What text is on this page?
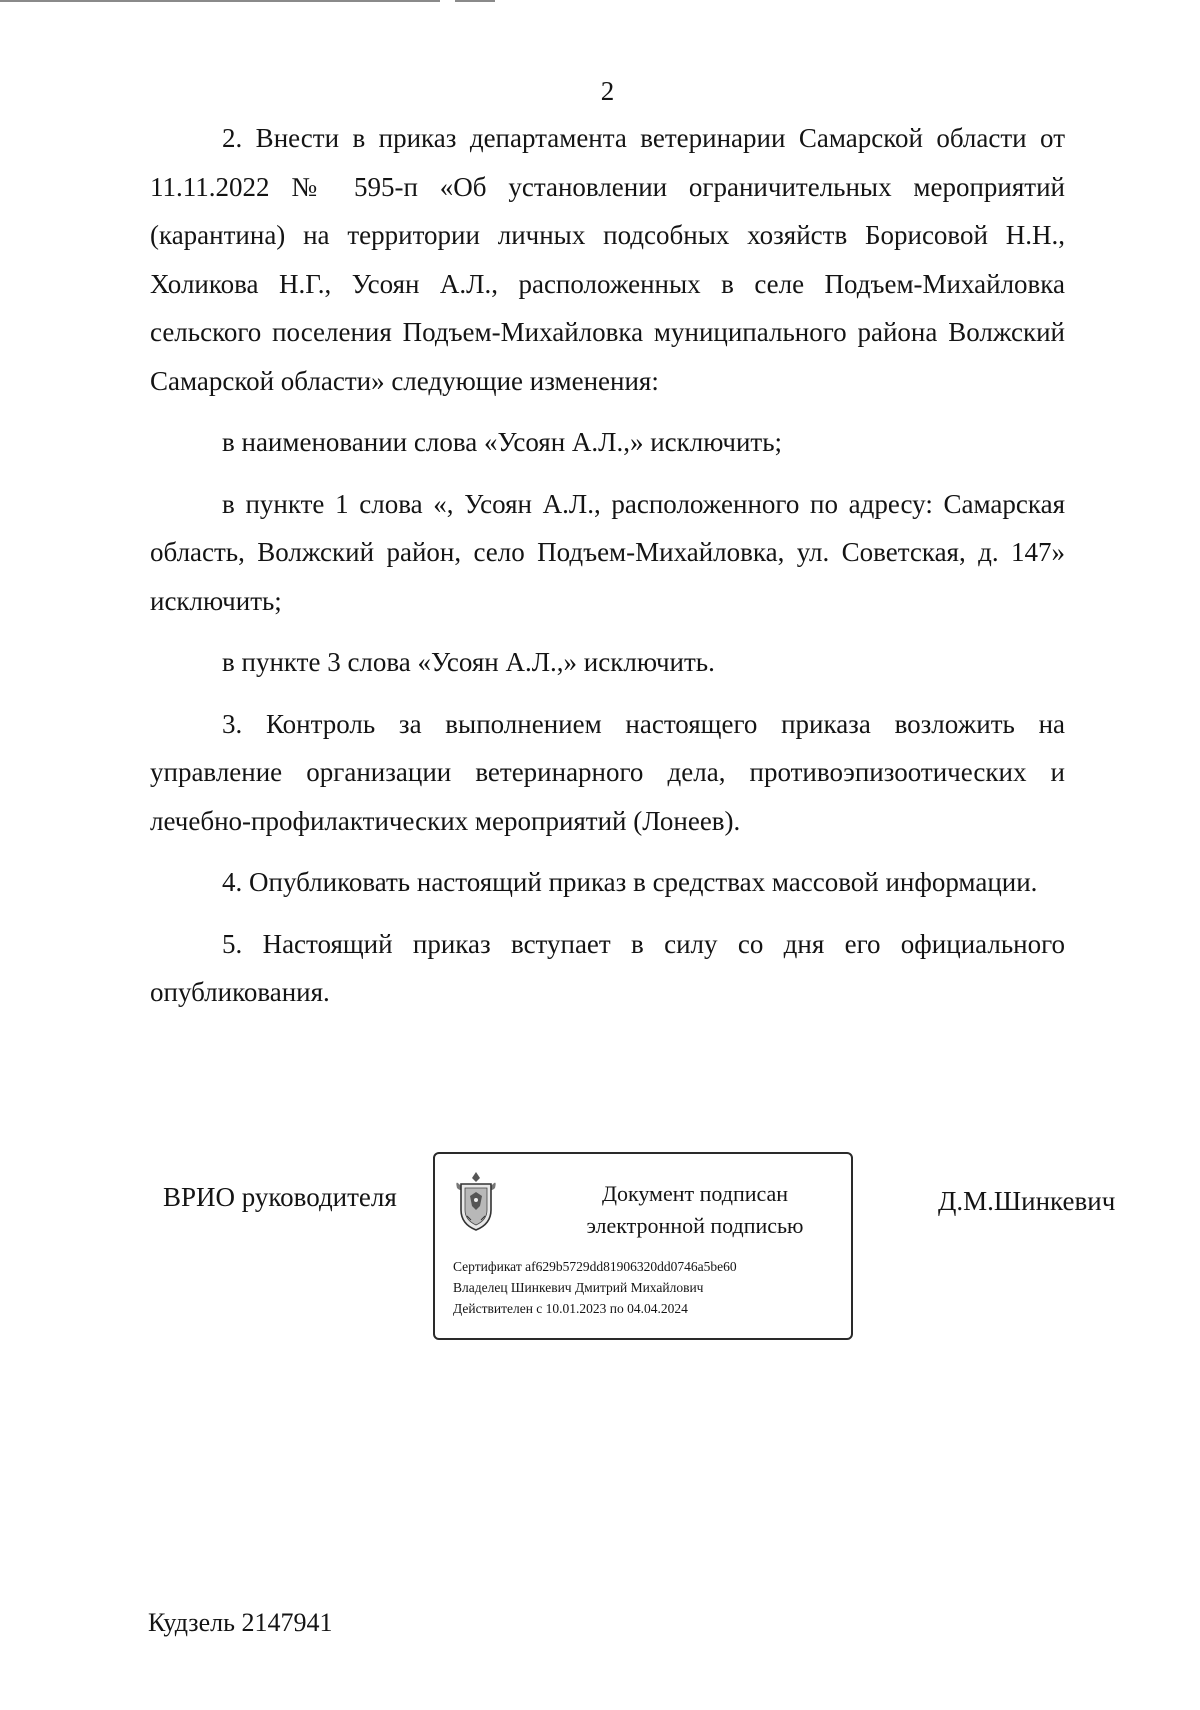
2

2. Внести в приказ департамента ветеринарии Самарской области от 11.11.2022 № 595-п «Об установлении ограничительных мероприятий (карантина) на территории личных подсобных хозяйств Борисовой Н.Н., Холикова Н.Г., Усоян А.Л., расположенных в селе Подъем-Михайловка сельского поселения Подъем-Михайловка муниципального района Волжский Самарской области» следующие изменения:

в наименовании слова «Усоян А.Л.,» исключить;

в пункте 1 слова «, Усоян А.Л., расположенного по адресу: Самарская область, Волжский район, село Подъем-Михайловка, ул. Советская, д. 147» исключить;

в пункте 3 слова «Усоян А.Л.,» исключить.

3. Контроль за выполнением настоящего приказа возложить на управление организации ветеринарного дела, противоэпизоотических и лечебно-профилактических мероприятий (Лонеев).

4. Опубликовать настоящий приказ в средствах массовой информации.

5. Настоящий приказ вступает в силу со дня его официального опубликования.

ВРИО руководителя	Документ подписан
электронной подписью
Сертификат af629b5729dd81906320dd0746a5be60
Владелец Шинкевич Дмитрий Михайлович
Действителен с 10.01.2023 по 04.04.2024
Д.М.Шинкевич
Кудзель 2147941
